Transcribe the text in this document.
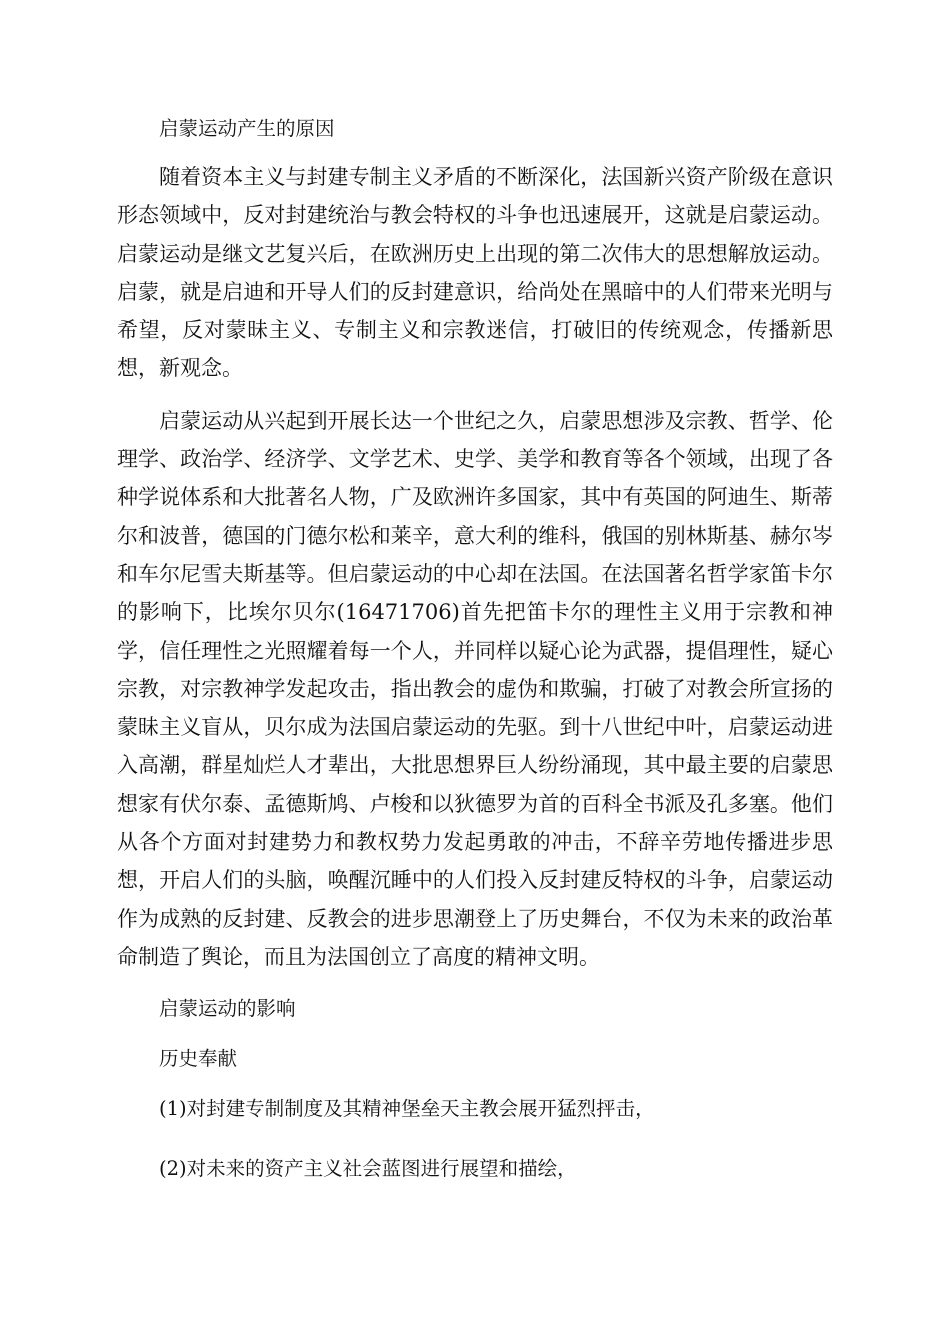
启蒙运动产生的原因

随着资本主义与封建专制主义矛盾的不断深化，法国新兴资产阶级在意识形态领域中，反对封建统治与教会特权的斗争也迅速展开，这就是启蒙运动。启蒙运动是继文艺复兴后，在欧洲历史上出现的第二次伟大的思想解放运动。启蒙，就是启迪和开导人们的反封建意识，给尚处在黑暗中的人们带来光明与希望，反对蒙昧主义、专制主义和宗教迷信，打破旧的传统观念，传播新思想，新观念。

启蒙运动从兴起到开展长达一个世纪之久，启蒙思想涉及宗教、哲学、伦理学、政治学、经济学、文学艺术、史学、美学和教育等各个领域，出现了各种学说体系和大批著名人物，广及欧洲许多国家，其中有英国的阿迪生、斯蒂尔和波普，德国的门德尔松和莱辛，意大利的维科，俄国的别林斯基、赫尔岑和车尔尼雪夫斯基等。但启蒙运动的中心却在法国。在法国著名哲学家笛卡尔的影响下，比埃尔贝尔(16471706)首先把笛卡尔的理性主义用于宗教和神学，信任理性之光照耀着每一个人，并同样以疑心论为武器，提倡理性，疑心宗教，对宗教神学发起攻击，指出教会的虚伪和欺骗，打破了对教会所宣扬的蒙昧主义盲从，贝尔成为法国启蒙运动的先驱。到十八世纪中叶，启蒙运动进入高潮，群星灿烂人才辈出，大批思想界巨人纷纷涌现，其中最主要的启蒙思想家有伏尔泰、孟德斯鸠、卢梭和以狄德罗为首的百科全书派及孔多塞。他们从各个方面对封建势力和教权势力发起勇敢的冲击，不辞辛劳地传播进步思想，开启人们的头脑，唤醒沉睡中的人们投入反封建反特权的斗争，启蒙运动作为成熟的反封建、反教会的进步思潮登上了历史舞台，不仅为未来的政治革命制造了舆论，而且为法国创立了高度的精神文明。

启蒙运动的影响
历史奉献
(1)对封建专制制度及其精神堡垒天主教会展开猛烈抨击，
(2)对未来的资产主义社会蓝图进行展望和描绘，
